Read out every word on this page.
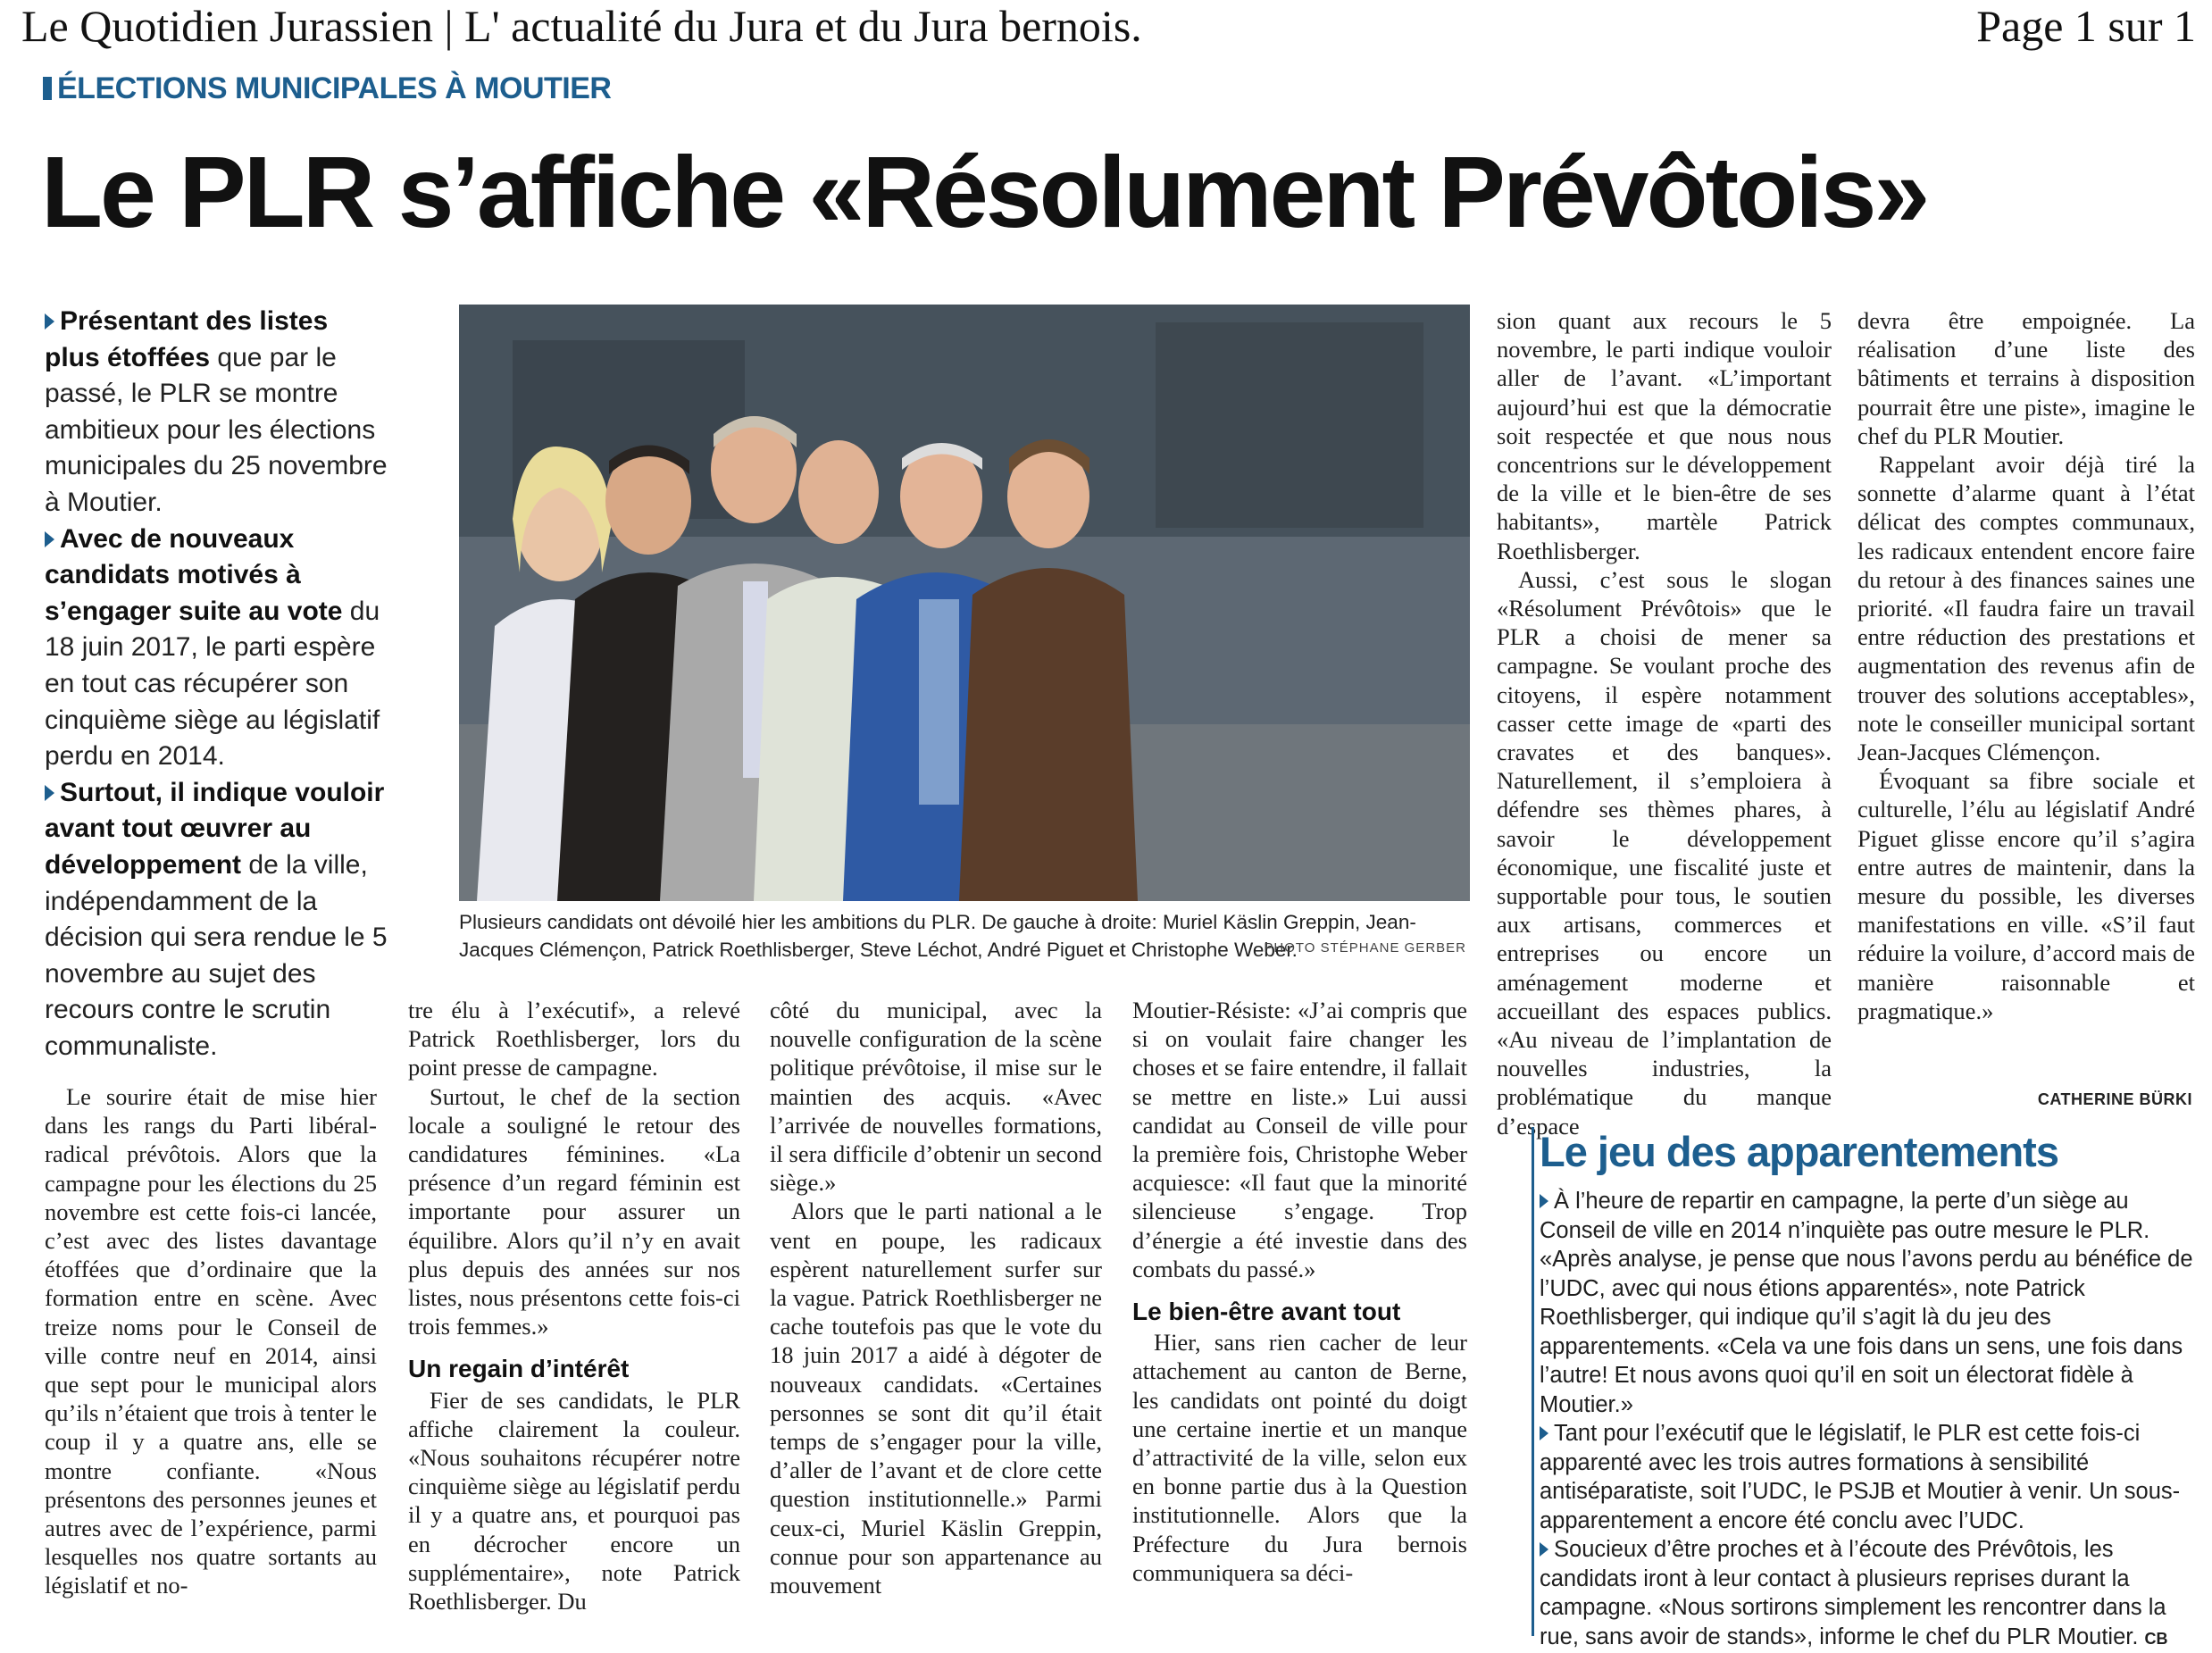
Le Quotidien Jurassien | L' actualité du Jura et du Jura bernois.	Page 1 sur 1
ÉLECTIONS MUNICIPALES À MOUTIER
Le PLR s’affiche «Résolument Prévôtois»

Présentant des listes plus étoffées que par le passé, le PLR se montre ambitieux pour les élections municipales du 25 novembre à Moutier.

Avec de nouveaux candidats motivés à s’engager suite au vote du 18 juin 2017, le parti espère en tout cas récupérer son cinquième siège au législatif perdu en 2014.

Surtout, il indique vouloir avant tout œuvrer au développement de la ville, indépendamment de la décision qui sera rendue le 5 novembre au sujet des recours contre le scrutin communaliste.

Plusieurs candidats ont dévoilé hier les ambitions du PLR. De gauche à droite: Muriel Käslin Greppin, Jean-Jacques Clémençon, Patrick Roethlisberger, Steve Léchot, André Piguet et Christophe Weber.
PHOTO STÉPHANE GERBER

Le sourire était de mise hier dans les rangs du Parti libéral-radical prévôtois. Alors que la campagne pour les élections du 25 novembre est cette fois-ci lancée, c’est avec des listes davantage étoffées que d’ordinaire que la formation entre en scène. Avec treize noms pour le Conseil de ville contre neuf en 2014, ainsi que sept pour le municipal alors qu’ils n’étaient que trois à tenter le coup il y a quatre ans, elle se montre confiante. «Nous présentons des personnes jeunes et autres avec de l’expérience, parmi lesquelles nos quatre sortants au législatif et no-

tre élu à l’exécutif», a relevé Patrick Roethlisberger, lors du point presse de campagne.

Surtout, le chef de la section locale a souligné le retour des candidatures féminines. «La présence d’un regard féminin est importante pour assurer un équilibre. Alors qu’il n’y en avait plus depuis des années sur nos listes, nous présentons cette fois-ci trois femmes.»

Un regain d’intérêt

Fier de ses candidats, le PLR affiche clairement la couleur. «Nous souhaitons récupérer notre cinquième siège au législatif perdu il y a quatre ans, et pourquoi pas en décrocher encore un supplémentaire», note Patrick Roethlisberger. Du

côté du municipal, avec la nouvelle configuration de la scène politique prévôtoise, il mise sur le maintien des acquis. «Avec l’arrivée de nouvelles formations, il sera difficile d’obtenir un second siège.»

Alors que le parti national a le vent en poupe, les radicaux espèrent naturellement surfer sur la vague. Patrick Roethlisberger ne cache toutefois pas que le vote du 18 juin 2017 a aidé à dégoter de nouveaux candidats. «Certaines personnes se sont dit qu’il était temps de s’engager pour la ville, d’aller de l’avant et de clore cette question institutionnelle.» Parmi ceux-ci, Muriel Käslin Greppin, connue pour son appartenance au mouvement

Moutier-Résiste: «J’ai compris que si on voulait faire changer les choses et se faire entendre, il fallait se mettre en liste.» Lui aussi candidat au Conseil de ville pour la première fois, Christophe Weber acquiesce: «Il faut que la minorité silencieuse s’engage. Trop d’énergie a été investie dans des combats du passé.»

Le bien-être avant tout

Hier, sans rien cacher de leur attachement au canton de Berne, les candidats ont pointé du doigt une certaine inertie et un manque d’attractivité de la ville, selon eux en bonne partie dus à la Question institutionnelle. Alors que la Préfecture du Jura bernois communiquera sa déci-

sion quant aux recours le 5 novembre, le parti indique vouloir aller de l’avant. «L’important aujourd’hui est que la démocratie soit respectée et que nous nous concentrions sur le développement de la ville et le bien-être de ses habitants», martèle Patrick Roethlisberger.

Aussi, c’est sous le slogan «Résolument Prévôtois» que le PLR a choisi de mener sa campagne. Se voulant proche des citoyens, il espère notamment casser cette image de «parti des cravates et des banques». Naturellement, il s’emploiera à défendre ses thèmes phares, à savoir le développement économique, une fiscalité juste et supportable pour tous, le soutien aux artisans, commerces et entreprises ou encore un aménagement moderne et accueillant des espaces publics. «Au niveau de l’implantation de nouvelles industries, la problématique du manque d’espace

devra être empoignée. La réalisation d’une liste des bâtiments et terrains à disposition pourrait être une piste», imagine le chef du PLR Moutier.

Rappelant avoir déjà tiré la sonnette d’alarme quant à l’état délicat des comptes communaux, les radicaux entendent encore faire du retour à des finances saines une priorité. «Il faudra faire un travail entre réduction des prestations et augmentation des revenus afin de trouver des solutions acceptables», note le conseiller municipal sortant Jean-Jacques Clémençon.

Évoquant sa fibre sociale et culturelle, l’élu au législatif André Piguet glisse encore qu’il s’agira entre autres de maintenir, dans la mesure du possible, les diverses manifestations en ville. «S’il faut réduire la voilure, d’accord mais de manière raisonnable et pragmatique.»

CATHERINE BÜRKI
Le jeu des apparentements

À l’heure de repartir en campagne, la perte d’un siège au Conseil de ville en 2014 n’inquiète pas outre mesure le PLR. «Après analyse, je pense que nous l’avons perdu au bénéfice de l’UDC, avec qui nous étions apparentés», note Patrick Roethlisberger, qui indique qu’il s’agit là du jeu des apparentements. «Cela va une fois dans un sens, une fois dans l’autre! Et nous avons quoi qu’il en soit un électorat fidèle à Moutier.»

Tant pour l’exécutif que le législatif, le PLR est cette fois-ci apparenté avec les trois autres formations à sensibilité antiséparatiste, soit l’UDC, le PSJB et Moutier à venir. Un sous-apparentement a encore été conclu avec l’UDC.

Soucieux d’être proches et à l’écoute des Prévôtois, les candidats iront à leur contact à plusieurs reprises durant la campagne. «Nous sortirons simplement les rencontrer dans la rue, sans avoir de stands», informe le chef du PLR Moutier. CB
